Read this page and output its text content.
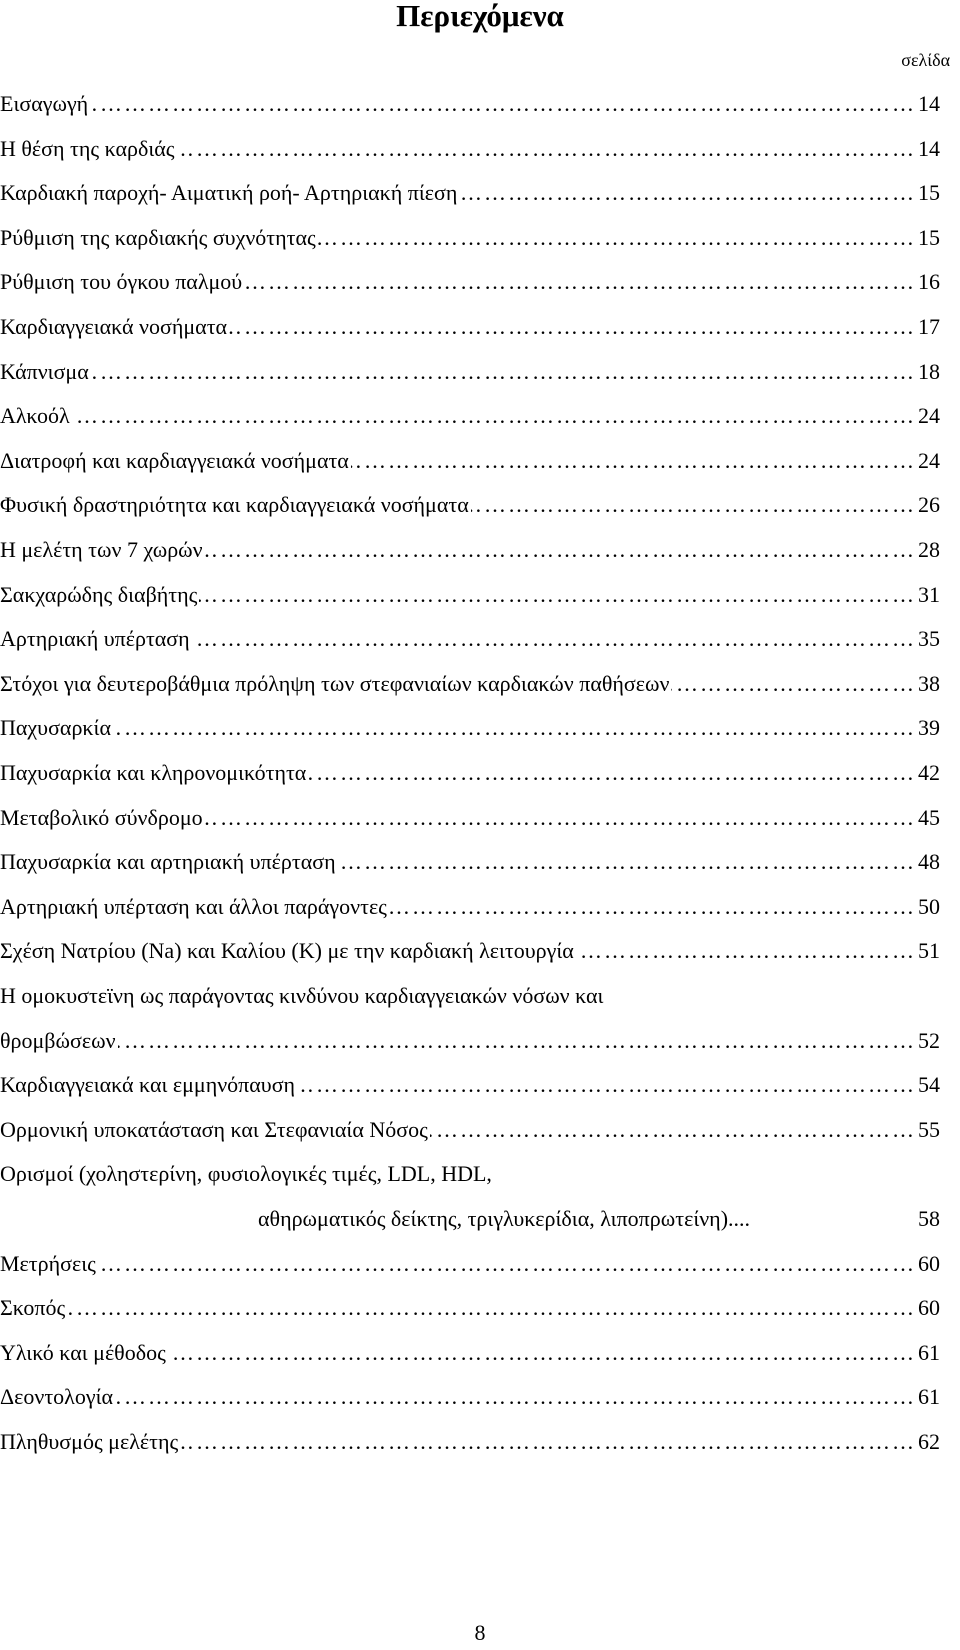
Περιεχόμενα
σελίδα
………………………………………………………………………………………………………………………………………………………………………………………
Εισαγωγή	14
………………………………………………………………………………………………………………………………………………………………………………………
Η θέση της καρδιάς	14
………………………………………………………………………………………………………………………………………………………………………………………
Καρδιακή παροχή- Αιματική ροή- Αρτηριακή πίεση	15
………………………………………………………………………………………………………………………………………………………………………………………
Ρύθμιση της καρδιακής συχνότητας	15
………………………………………………………………………………………………………………………………………………………………………………………
Ρύθμιση του όγκου παλμού	16
………………………………………………………………………………………………………………………………………………………………………………………
Καρδιαγγειακά νοσήματα	17
………………………………………………………………………………………………………………………………………………………………………………………
Κάπνισμα	18
………………………………………………………………………………………………………………………………………………………………………………………
Αλκοόλ	24
………………………………………………………………………………………………………………………………………………………………………………………
Διατροφή και καρδιαγγειακά νοσήματα	24
………………………………………………………………………………………………………………………………………………………………………………………
Φυσική δραστηριότητα και καρδιαγγειακά νοσήματα	26
………………………………………………………………………………………………………………………………………………………………………………………
Η μελέτη των 7 χωρών	28
………………………………………………………………………………………………………………………………………………………………………………………
Σακχαρώδης διαβήτης	31
………………………………………………………………………………………………………………………………………………………………………………………
Αρτηριακή υπέρταση	35
………………………………………………………………………………………………………………………………………………………………………………………
Στόχοι για δευτεροβάθμια πρόληψη των στεφανιαίων καρδιακών παθήσεων	38
………………………………………………………………………………………………………………………………………………………………………………………
Παχυσαρκία	39
………………………………………………………………………………………………………………………………………………………………………………………
Παχυσαρκία και κληρονομικότητα	42
………………………………………………………………………………………………………………………………………………………………………………………
Μεταβολικό σύνδρομο	45
………………………………………………………………………………………………………………………………………………………………………………………
Παχυσαρκία και αρτηριακή υπέρταση	48
………………………………………………………………………………………………………………………………………………………………………………………
Αρτηριακή υπέρταση και άλλοι παράγοντες	50
………………………………………………………………………………………………………………………………………………………………………………………
Σχέση Νατρίου (Na) και Καλίου (K) με την καρδιακή λειτουργία	51
Η ομοκυστεϊνη ως παράγοντας κινδύνου καρδιαγγειακών νόσων και
………………………………………………………………………………………………………………………………………………………………………………………
θρομβώσεων	52
………………………………………………………………………………………………………………………………………………………………………………………
Καρδιαγγειακά και εμμηνόπαυση	54
………………………………………………………………………………………………………………………………………………………………………………………
Ορμονική υποκατάσταση και Στεφανιαία Νόσος	55
Ορισμοί (χοληστερίνη, φυσιολογικές τιμές, LDL, HDL,
αθηρωματικός δείκτης, τριγλυκερίδια, λιποπρωτείνη)....	58
………………………………………………………………………………………………………………………………………………………………………………………
Μετρήσεις	60
………………………………………………………………………………………………………………………………………………………………………………………
Σκοπός	60
………………………………………………………………………………………………………………………………………………………………………………………
Υλικό και μέθοδος	61
………………………………………………………………………………………………………………………………………………………………………………………
Δεοντολογία	61
………………………………………………………………………………………………………………………………………………………………………………………
Πληθυσμός μελέτης	62
8
